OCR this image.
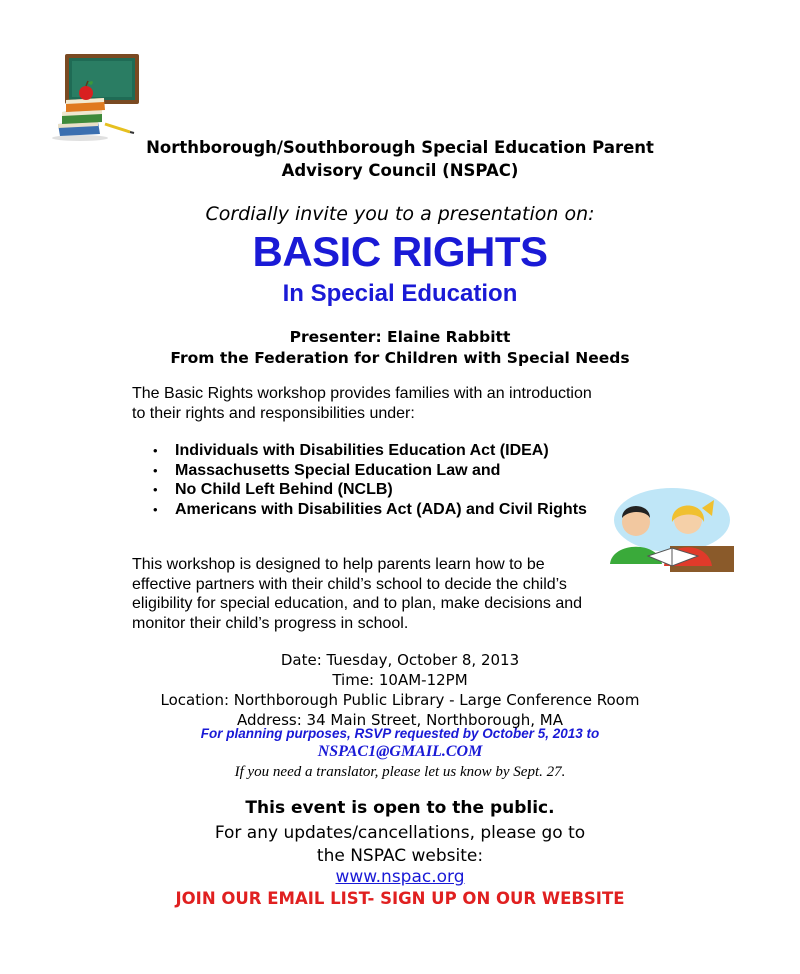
Northborough/Southborough Special Education Parent
Advisory Council (NSPAC)
Cordially invite you to a presentation on:
BASIC RIGHTS
In Special Education
Presenter: Elaine Rabbitt
From the Federation for Children with Special Needs
The Basic Rights workshop provides families with an introduction
to their rights and responsibilities under:
• Individuals with Disabilities Education Act (IDEA)
• Massachusetts Special Education Law and
• No Child Left Behind (NCLB)
• Americans with Disabilities Act (ADA) and Civil Rights
This workshop is designed to help parents learn how to be
effective partners with their child’s school to decide the child’s
eligibility for special education, and to plan, make decisions and
monitor their child’s progress in school.
Date: Tuesday, October 8, 2013
Time: 10AM-12PM
Location: Northborough Public Library - Large Conference Room
Address: 34 Main Street, Northborough, MA
For planning purposes, RSVP requested by October 5, 2013 to
NSPAC1@GMAIL.COM
If you need a translator, please let us know by Sept. 27.
This event is open to the public.
For any updates/cancellations, please go to
the NSPAC website:
www.nspac.org
JOIN OUR EMAIL LIST- SIGN UP ON OUR WEBSITE
